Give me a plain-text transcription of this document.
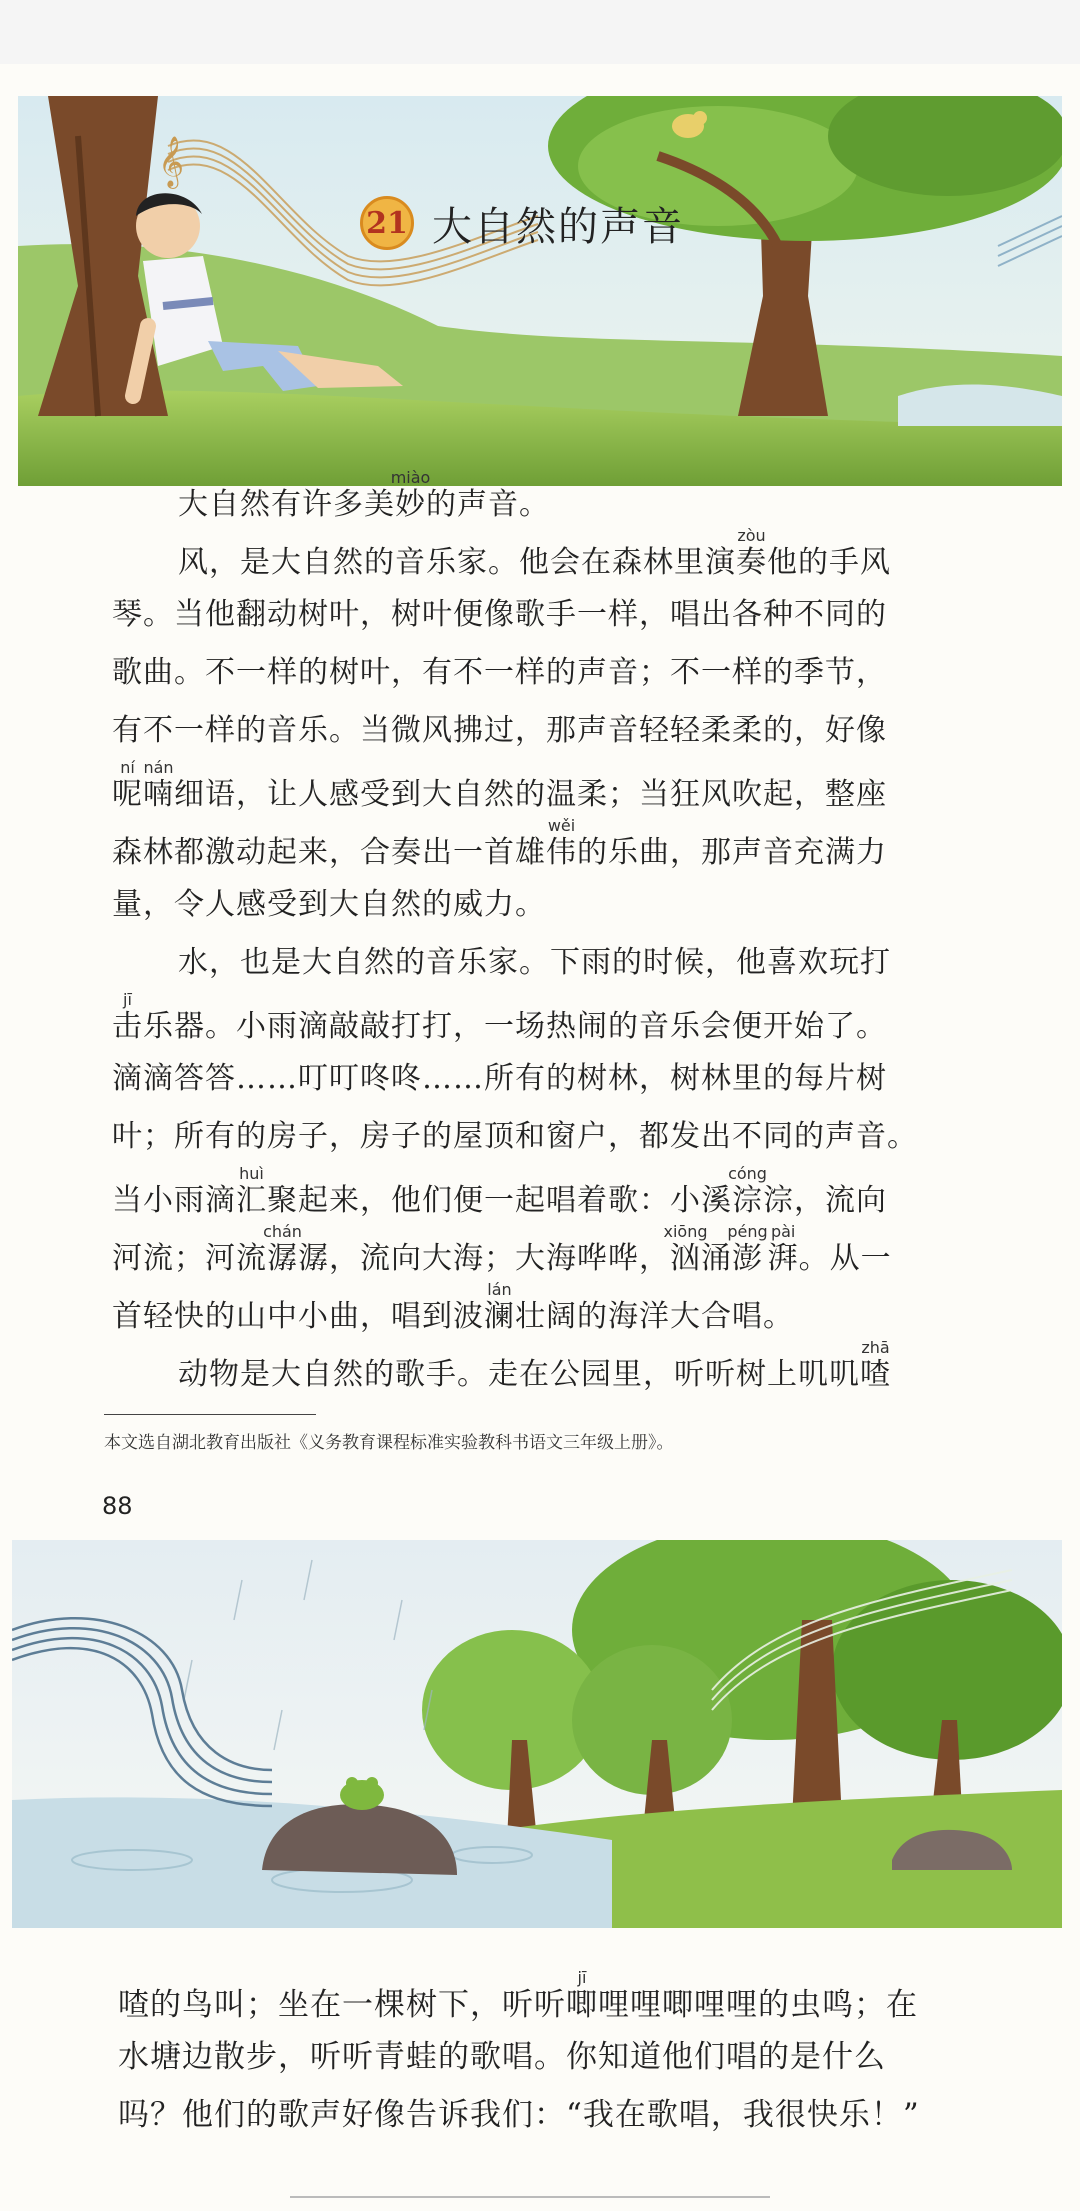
𝄞
21 大自然的声音
大自然有许多美妙miào的声音。
风，是大自然的音乐家。他会在森林里演奏zòu他的手风
琴。当他翻动树叶，树叶便像歌手一样，唱出各种不同的
歌曲。不一样的树叶，有不一样的声音；不一样的季节，
有不一样的音乐。当微风拂过，那声音轻轻柔柔的，好像
呢ní喃nán细语，让人感受到大自然的温柔；当狂风吹起，整座
森林都激动起来，合奏出一首雄伟wěi的乐曲，那声音充满力
量，令人感受到大自然的威力。
水，也是大自然的音乐家。下雨的时候，他喜欢玩打
击jī乐器。小雨滴敲敲打打，一场热闹的音乐会便开始了。
滴滴答答……叮叮咚咚……所有的树林，树林里的每片树
叶；所有的房子，房子的屋顶和窗户，都发出不同的声音。
当小雨滴汇huì聚起来，他们便一起唱着歌：小溪淙cóng淙，流向
河流；河流潺chán潺，流向大海；大海哗哗，汹xiōng涌澎péng湃pài。从一
首轻快的山中小曲，唱到波澜lán壮阔的海洋大合唱。
动物是大自然的歌手。走在公园里，听听树上叽叽喳zhā
本文选自湖北教育出版社《义务教育课程标准实验教科书语文三年级上册》。
88
喳的鸟叫；坐在一棵树下，听听唧jī哩哩唧哩哩的虫鸣；在
水塘边散步，听听青蛙的歌唱。你知道他们唱的是什么
吗？他们的歌声好像告诉我们：“我在歌唱，我很快乐！”
